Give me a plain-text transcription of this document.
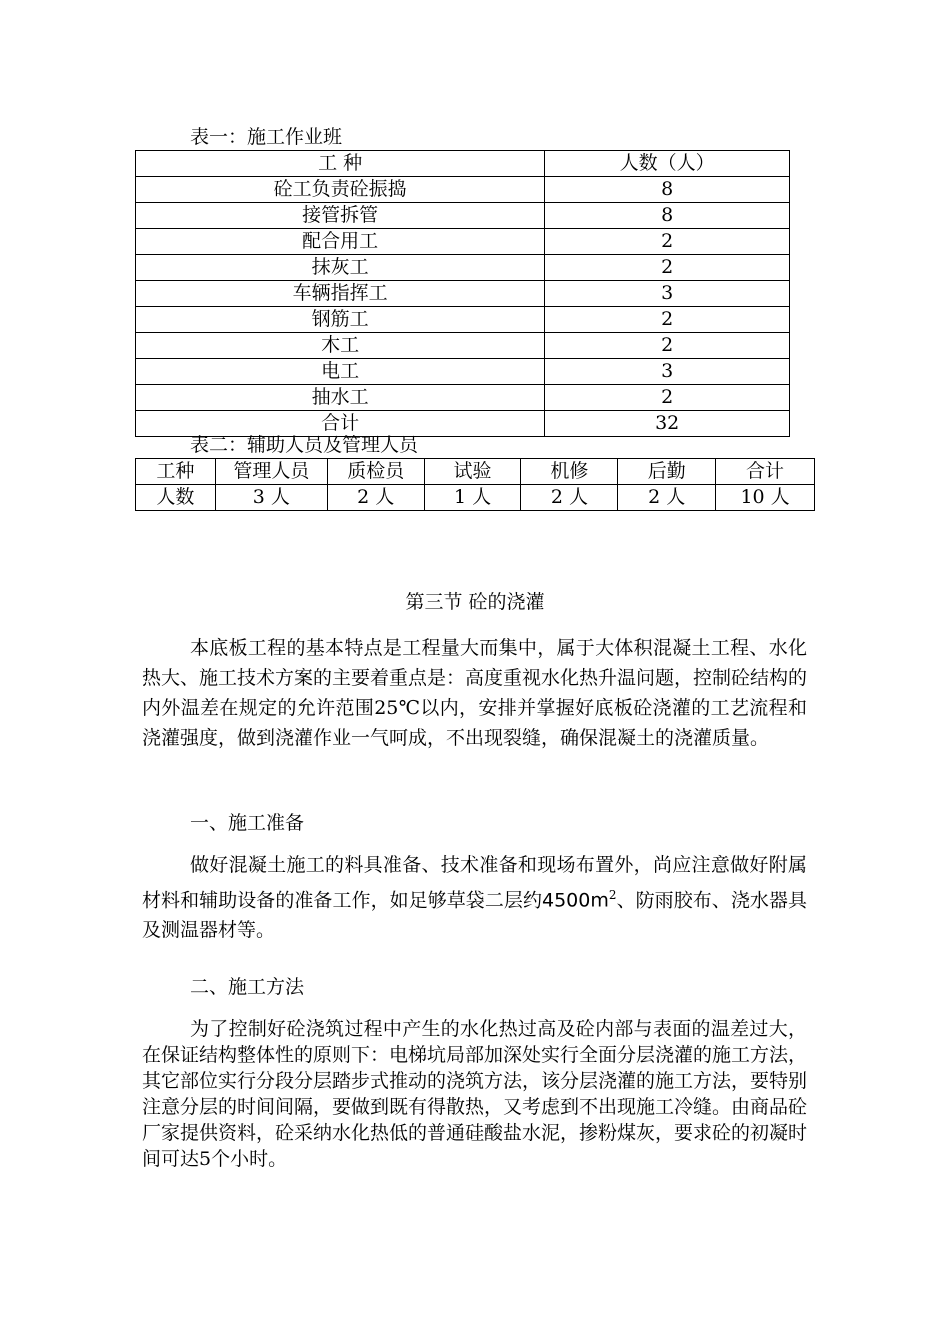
表一：施工作业班
工 种	人数（人）
砼工负责砼振捣	8
接管拆管	8
配合用工	2
抹灰工	2
车辆指挥工	3
钢筋工	2
木工	2
电工	3
抽水工	2
合计	32
表二：辅助人员及管理人员
工种	管理人员	质检员	试验	机修	后勤	合计
人数	3 人	2 人	1 人	2 人	2 人	10 人
第三节 砼的浇灌

本底板工程的基本特点是工程量大而集中，属于大体积混凝土工程、水化热大、施工技术方案的主要着重点是：高度重视水化热升温问题，控制砼结构的内外温差在规定的允许范围25℃以内，安排并掌握好底板砼浇灌的工艺流程和浇灌强度，做到浇灌作业一气呵成，不出现裂缝，确保混凝土的浇灌质量。

一、施工准备

做好混凝土施工的料具准备、技术准备和现场布置外，尚应注意做好附属材料和辅助设备的准备工作，如足够草袋二层约$4500m^2$、防雨胶布、浇水器具及测温器材等。

二、施工方法

为了控制好砼浇筑过程中产生的水化热过高及砼内部与表面的温差过大，在保证结构整体性的原则下：电梯坑局部加深处实行全面分层浇灌的施工方法，其它部位实行分段分层踏步式推动的浇筑方法，该分层浇灌的施工方法，要特别注意分层的时间间隔，要做到既有得散热，又考虑到不出现施工冷缝。由商品砼厂家提供资料，砼采纳水化热低的普通硅酸盐水泥，掺粉煤灰，要求砼的初凝时间可达5个小时。
